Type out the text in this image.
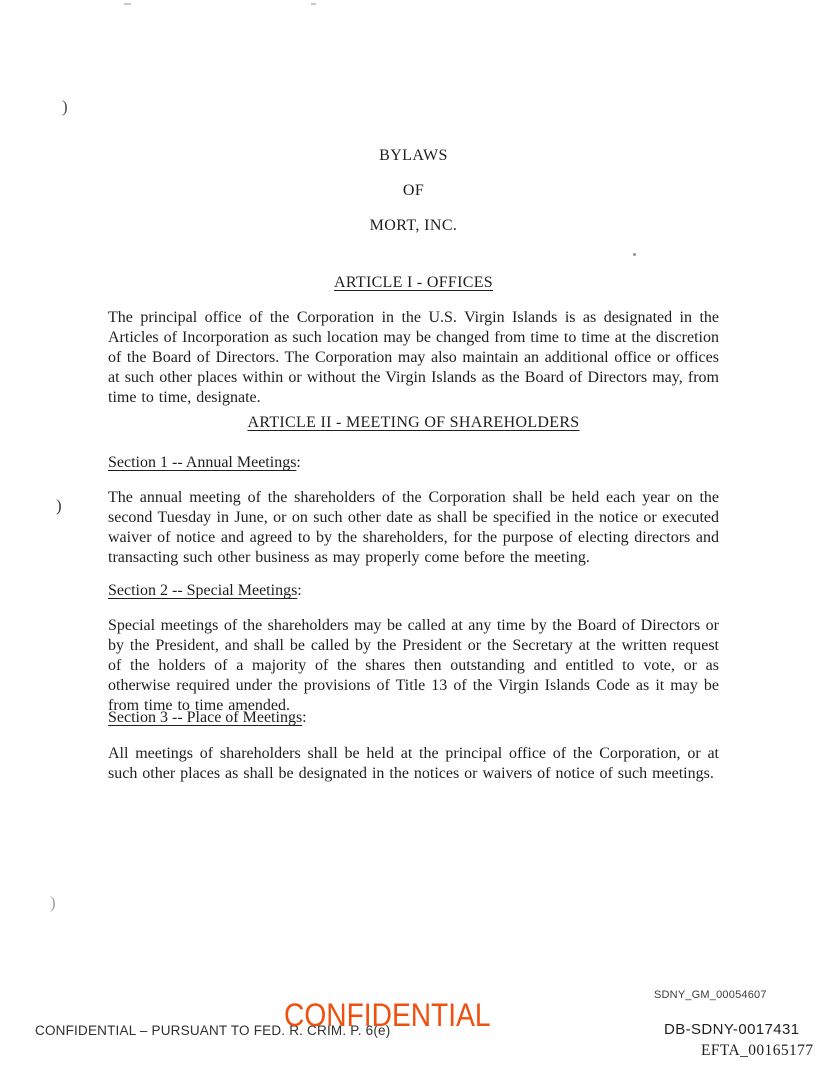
)
)
)
BYLAWS
OF
MORT, INC.
ARTICLE I - OFFICES
The principal office of the Corporation in the U.S. Virgin Islands is as designated in the Articles of Incorporation as such location may be changed from time to time at the discretion of the Board of Directors. The Corporation may also maintain an additional office or offices at such other places within or without the Virgin Islands as the Board of Directors may, from time to time, designate.
ARTICLE II - MEETING OF SHAREHOLDERS
Section 1 -- Annual Meetings:
The annual meeting of the shareholders of the Corporation shall be held each year on the second Tuesday in June, or on such other date as shall be specified in the notice or executed waiver of notice and agreed to by the shareholders, for the purpose of electing directors and transacting such other business as may properly come before the meeting.
Section 2 -- Special Meetings:
Special meetings of the shareholders may be called at any time by the Board of Directors or by the President, and shall be called by the President or the Secretary at the written request of the holders of a majority of the shares then outstanding and entitled to vote, or as otherwise required under the provisions of Title 13 of the Virgin Islands Code as it may be from time to time amended.
Section 3 -- Place of Meetings:
All meetings of shareholders shall be held at the principal office of the Corporation, or at such other places as shall be designated in the notices or waivers of notice of such meetings.
SDNY_GM_00054607
CONFIDENTIAL – PURSUANT TO FED. R. CRIM. P. 6(e)
CONFIDENTIAL	DB-SDNY-0017431
EFTA_00165177
